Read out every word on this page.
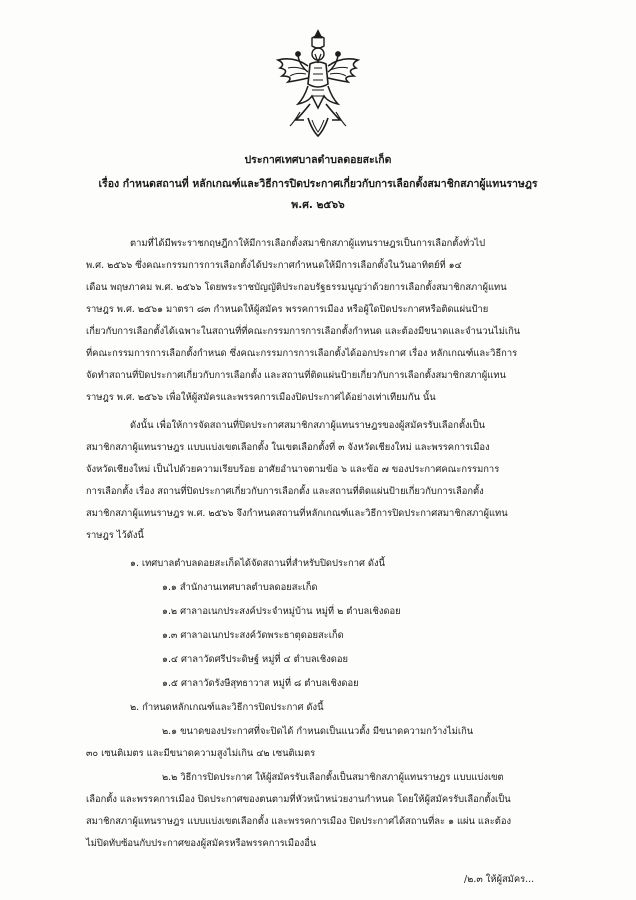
ประกาศเทศบาลตำบลดอยสะเก็ด
เรื่อง กำหนดสถานที่ หลักเกณฑ์และวิธีการปิดประกาศเกี่ยวกับการเลือกตั้งสมาชิกสภาผู้แทนราษฎร
พ.ศ. ๒๕๖๖
ตามที่ได้มีพระราชกฤษฎีกาให้มีการเลือกตั้งสมาชิกสภาผู้แทนราษฎรเป็นการเลือกตั้งทั่วไป
พ.ศ. ๒๕๖๖ ซึ่งคณะกรรมการการเลือกตั้งได้ประกาศกำหนดให้มีการเลือกตั้งในวันอาทิตย์ที่ ๑๔
เดือน พฤษภาคม พ.ศ. ๒๕๖๖ โดยพระราชบัญญัติประกอบรัฐธรรมนูญว่าด้วยการเลือกตั้งสมาชิกสภาผู้แทน
ราษฎร พ.ศ. ๒๕๖๑ มาตรา ๘๓ กำหนดให้ผู้สมัคร พรรคการเมือง หรือผู้ใดปิดประกาศหรือติดแผ่นป้าย
เกี่ยวกับการเลือกตั้งได้เฉพาะในสถานที่ที่คณะกรรมการการเลือกตั้งกำหนด และต้องมีขนาดและจำนวนไม่เกิน
ที่คณะกรรมการการเลือกตั้งกำหนด ซึ่งคณะกรรมการการเลือกตั้งได้ออกประกาศ เรื่อง หลักเกณฑ์และวิธีการ
จัดทำสถานที่ปิดประกาศเกี่ยวกับการเลือกตั้ง และสถานที่ติดแผ่นป้ายเกี่ยวกับการเลือกตั้งสมาชิกสภาผู้แทน
ราษฎร พ.ศ. ๒๕๖๖ เพื่อให้ผู้สมัครและพรรคการเมืองปิดประกาศได้อย่างเท่าเทียมกัน นั้น
ดังนั้น เพื่อให้การจัดสถานที่ปิดประกาศสมาชิกสภาผู้แทนราษฎรของผู้สมัครรับเลือกตั้งเป็น
สมาชิกสภาผู้แทนราษฎร แบบแบ่งเขตเลือกตั้ง ในเขตเลือกตั้งที่ ๓ จังหวัดเชียงใหม่ และพรรคการเมือง
จังหวัดเชียงใหม่ เป็นไปด้วยความเรียบร้อย อาศัยอำนาจตามข้อ ๖ และข้อ ๗ ของประกาศคณะกรรมการ
การเลือกตั้ง เรื่อง สถานที่ปิดประกาศเกี่ยวกับการเลือกตั้ง และสถานที่ติดแผ่นป้ายเกี่ยวกับการเลือกตั้ง
สมาชิกสภาผู้แทนราษฎร พ.ศ. ๒๕๖๖ จึงกำหนดสถานที่หลักเกณฑ์และวิธีการปิดประกาศสมาชิกสภาผู้แทน
ราษฎร ไว้ดังนี้
๑. เทศบาลตำบลดอยสะเก็ดได้จัดสถานที่สำหรับปิดประกาศ ดังนี้
๑.๑ สำนักงานเทศบาลตำบลดอยสะเก็ด
๑.๒ ศาลาอเนกประสงค์ประจำหมู่บ้าน หมู่ที่ ๒ ตำบลเชิงดอย
๑.๓ ศาลาอเนกประสงค์วัดพระธาตุดอยสะเก็ด
๑.๔ ศาลาวัดศรีประดิษฐ์ หมู่ที่ ๔ ตำบลเชิงดอย
๑.๕ ศาลาวัดรังษีสุทธาวาส หมู่ที่ ๘ ตำบลเชิงดอย
๒. กำหนดหลักเกณฑ์และวิธีการปิดประกาศ ดังนี้
๒.๑ ขนาดของประกาศที่จะปิดได้ กำหนดเป็นแนวตั้ง มีขนาดความกว้างไม่เกิน
๓๐ เซนติเมตร และมีขนาดความสูงไม่เกิน ๔๒ เซนติเมตร
๒.๒ วิธีการปิดประกาศ ให้ผู้สมัครรับเลือกตั้งเป็นสมาชิกสภาผู้แทนราษฎร แบบแบ่งเขต
เลือกตั้ง และพรรคการเมือง ปิดประกาศของตนตามที่หัวหน้าหน่วยงานกำหนด โดยให้ผู้สมัครรับเลือกตั้งเป็น
สมาชิกสภาผู้แทนราษฎร แบบแบ่งเขตเลือกตั้ง และพรรคการเมือง ปิดประกาศได้สถานที่ละ ๑ แผ่น และต้อง
ไม่ปิดทับซ้อนกับประกาศของผู้สมัครหรือพรรคการเมืองอื่น
/๒.๓ ให้ผู้สมัคร...
